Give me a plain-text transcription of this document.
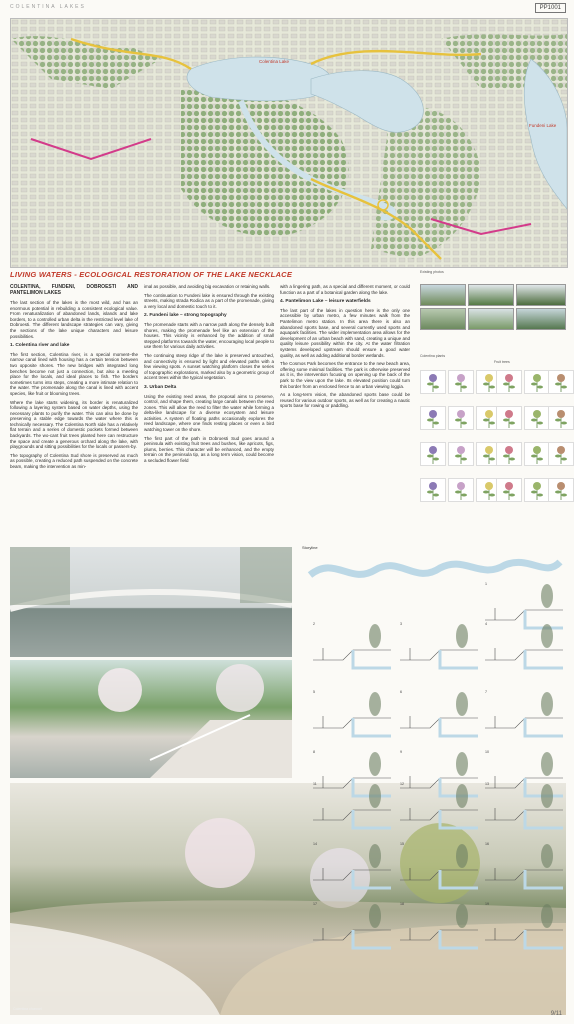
COLENTINA LAKES	PP1001
Colentina Lake
Fundeni Lake
LIVING WATERS - ECOLOGICAL RESTORATION OF THE LAKE NECKLACE
COLENTINA, FUNDENI, DOBROESTI AND PANTELIMON LAKES

The last section of the lakes is the most wild, and has an enormous potential in rebuilding a consistent ecological value. From renaturalization of abandoned lands, islands and lake borders, to a controlled urban delta in the restricted level lake of Dobroesti. The different landscape strategies can vary, giving the sections of the lake unique characters and leisure possibilities.

1. Colentina river and lake

The first section, Colentina river, is a special moment–the narrow canal lined with housing has a certain tension between two opposite shores. The new bridges with integrated long benches become not just a connection, but also a meeting place for the locals, and ideal places to fish. The borders sometimes turns into steps, creating a more intimate relation to the water. The promenade along the canal is lined with accent species, like fruit or blooming trees.

Where the lake starts widening, its border is renaturalized following a layering system based on water depths, using the necessary plants to purify the water. This can also be done by preserving a stable edge towards the water where this is technically necessary. The Colentina North side has a relatively flat terrain and a series of domestic pockets formed between backyards. The wo-cant fruit trees planted here can restructure the space and create a generous orchard along the lake, with playgrounds and sitting possibilities for the locals or passers-by.

The topography of Colentina Sud shore is preserved as much as possible, creating a reduced path suspended on the concrete beam, making the intervention as min-

imal as possible, and avoiding big excavation or retaining walls.

The continuation to Fundeni lake is ensured through the existing streets, making strada Rodica as a part of the promenade, giving a very local and domestic touch to it.

2. Fundeni lake – strong topography

The promenade starts with a narrow path along the densely built shores, making the promenade feel like an extension of the houses. This vicinity is enhanced by the addition of small stepped platforms towards the water, encouraging local people to use them for various daily activities.

The continuing steep ridge of the lake is preserved untouched, and connectivity is ensured by light and elevated paths with a few viewing spots. A sunset watching platform closes the series of topographic explorations, marked also by a geometric group of accent trees within the typical vegetation.

3. Urban Delta

Using the existing reed areas, the proposal aims to preserve, control, and shape them, creating large canals between the reed zones. This will allow the reed to filter the water while forming a delta-like landscape for a diverse ecosystem and leisure activities. A system of floating paths occasionally explores the reed landscape, where one finds resting places or even a bird watching tower on the shore.

The first part of the path in Dobroesti Sud goes around a peninsula with existing fruit trees and bushes, like apricots, figs, plums, berries. This character will be enhanced, and the empty terrain on the peninsula tip, as a long term vision, could become a secluded flower field

with a lingering path, as a special and different moment, or could function as a part of a botanical garden along the lake.

4. Pantelimon Lake – leisure waterfields

The last part of the lakes in question here is the only one accessible by urban metro, a few minutes walk from the Pantelimon metro station. In this area there is also an abandoned sports base, and several currently used sports and aquapark facilities. The wider implementation area allows for the development of an urban beach with sand, creating a unique and quality leisure possibility within the city. At the water filtration systems developed upstream should ensure a good water quality, as well as adding additional border wetlands.

The Cosmos Park becomes the entrance to the new beach area, offering some minimal facilities. The park is otherwise preserved as it is, the intervention focusing on opening up the back of the park to the view upon the lake. Its elevated position could turn this border from an enclosed fence to an urban viewing loggia.

As a long-term vision, the abandoned sports base could be reused for various outdoor sports, as well as for creating a nautic sports base for rowing or paddling.

Existing photos
Colentina plants
Fruit trees
Colentina channel
Storyline
1
2	3	4
5	6	7
8	9	10
11	12	13
14	15	16
17	18	19
9/11
